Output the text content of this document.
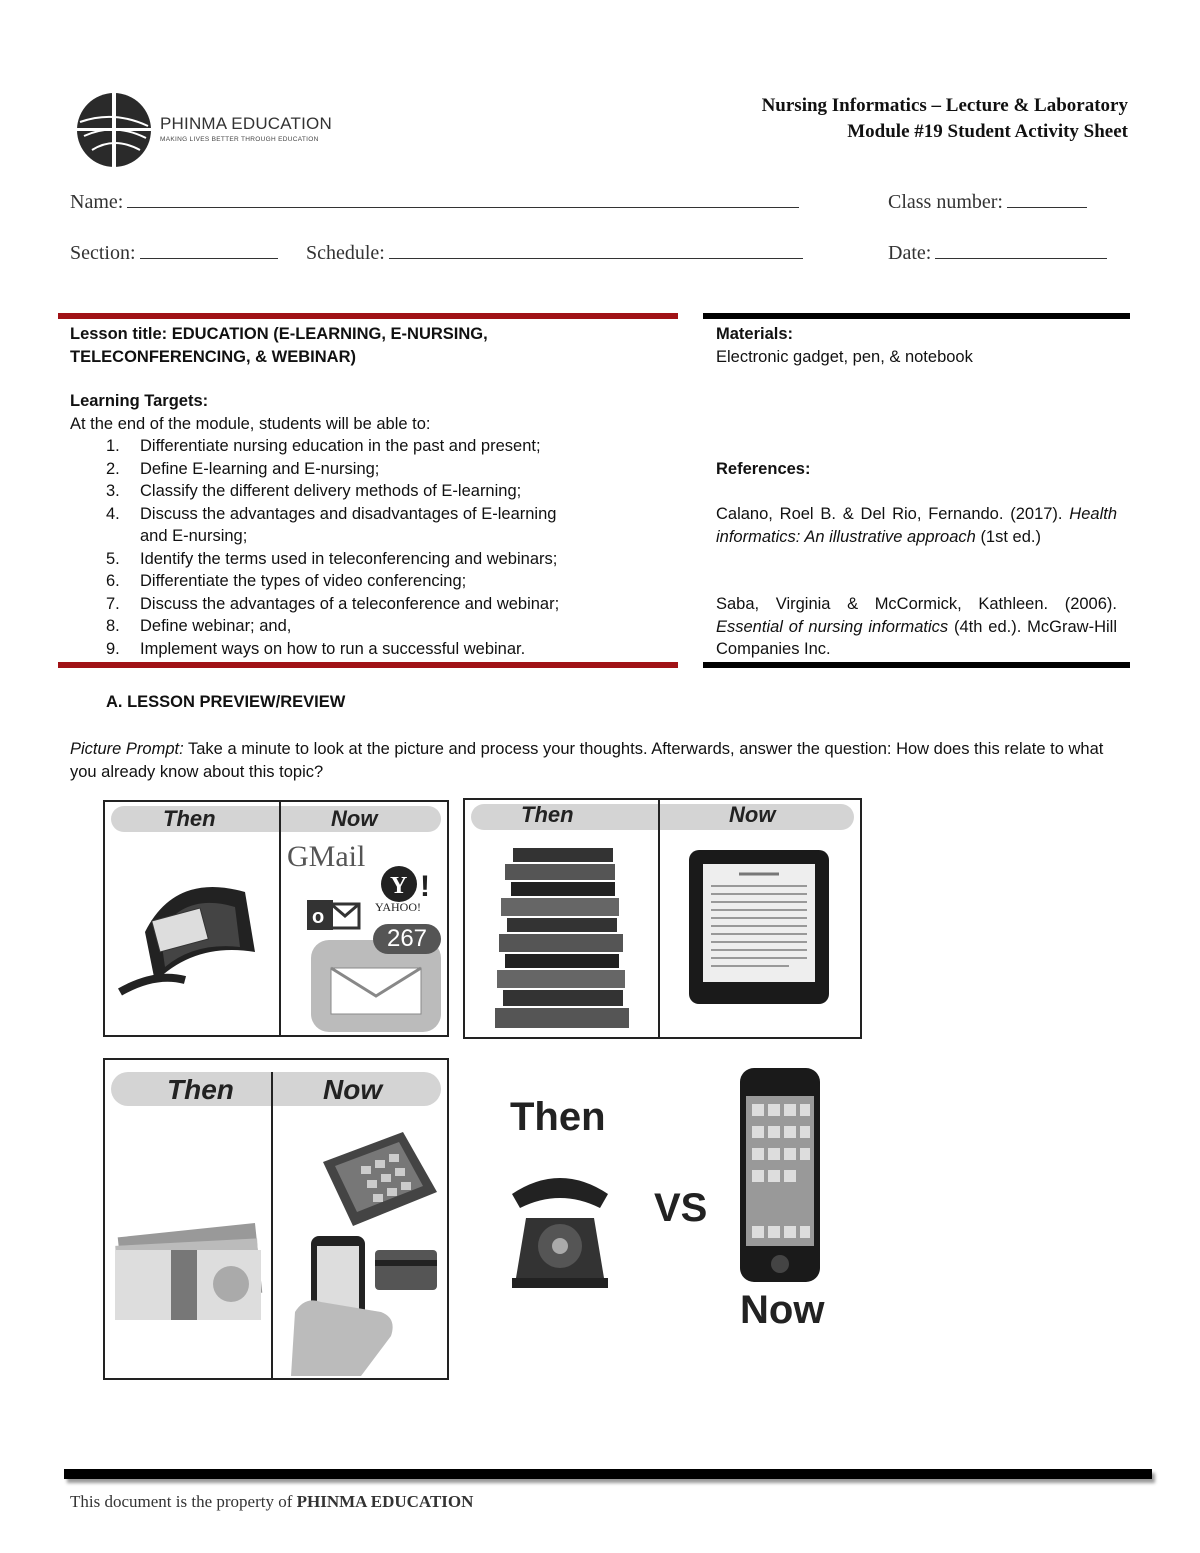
PHINMA EDUCATION
MAKING LIVES BETTER THROUGH EDUCATION
Nursing Informatics – Lecture & Laboratory
Module #19 Student Activity Sheet
Name:	Class number:
Section:	Schedule:	Date:
Lesson title: EDUCATION (E-LEARNING, E-NURSING,
TELECONFERENCING, & WEBINAR)
Learning Targets:
At the end of the module, students will be able to:
1.	Differentiate nursing education in the past and present;
2.	Define E-learning and E-nursing;
3.	Classify the different delivery methods of E-learning;
4.	Discuss the advantages and disadvantages of E-learning
and E-nursing;
5.	Identify the terms used in teleconferencing and webinars;
6.	Differentiate the types of video conferencing;
7.	Discuss the advantages of a teleconference and webinar;
8.	Define webinar; and,
9.	Implement ways on how to run a successful webinar.
Materials:
Electronic gadget, pen, & notebook
References:
Calano, Roel B. & Del Rio, Fernando. (2017). Health informatics: An illustrative approach (1st ed.)
Saba, Virginia & McCormick, Kathleen. (2006). Essential of nursing informatics (4th ed.). McGraw-Hill Companies Inc.
A. LESSON PREVIEW/REVIEW
Picture Prompt: Take a minute to look at the picture and process your thoughts. Afterwards, answer the question: How does this relate to what you already know about this topic?
Then	Now
GMail
Y !
YAHOO!
o
267
Then	Now
Then	Now
Then
VS
Now
This document is the property of PHINMA EDUCATION
